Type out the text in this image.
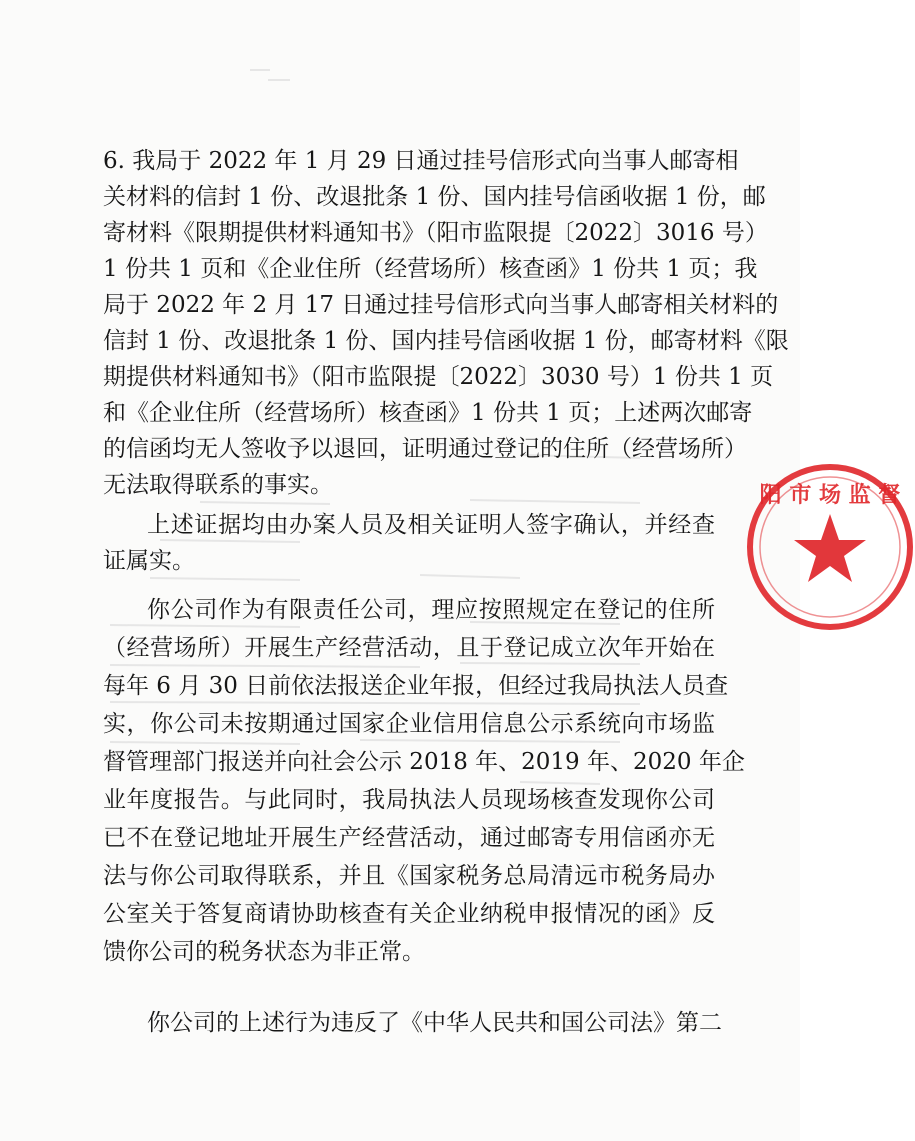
6. 我局于 2022 年 1 月 29 日通过挂号信形式向当事人邮寄相
关材料的信封 1 份、改退批条 1 份、国内挂号信函收据 1 份，邮
寄材料《限期提供材料通知书》（阳市监限提〔2022〕3016 号）
1 份共 1 页和《企业住所（经营场所）核查函》1 份共 1 页；我
局于 2022 年 2 月 17 日通过挂号信形式向当事人邮寄相关材料的
信封 1 份、改退批条 1 份、国内挂号信函收据 1 份，邮寄材料《限
期提供材料通知书》（阳市监限提〔2022〕3030 号）1 份共 1 页
和《企业住所（经营场所）核查函》1 份共 1 页；上述两次邮寄
的信函均无人签收予以退回，证明通过登记的住所（经营场所）
无法取得联系的事实。
上述证据均由办案人员及相关证明人签字确认，并经查
证属实。
你公司作为有限责任公司，理应按照规定在登记的住所
（经营场所）开展生产经营活动，且于登记成立次年开始在
每年 6 月 30 日前依法报送企业年报，但经过我局执法人员查
实，你公司未按期通过国家企业信用信息公示系统向市场监
督管理部门报送并向社会公示 2018 年、2019 年、2020 年企
业年度报告。与此同时，我局执法人员现场核查发现你公司
已不在登记地址开展生产经营活动，通过邮寄专用信函亦无
法与你公司取得联系，并且《国家税务总局清远市税务局办
公室关于答复商请协助核查有关企业纳税申报情况的函》反
馈你公司的税务状态为非正常。
你公司的上述行为违反了《中华人民共和国公司法》第二
阳 市 场 监 督
